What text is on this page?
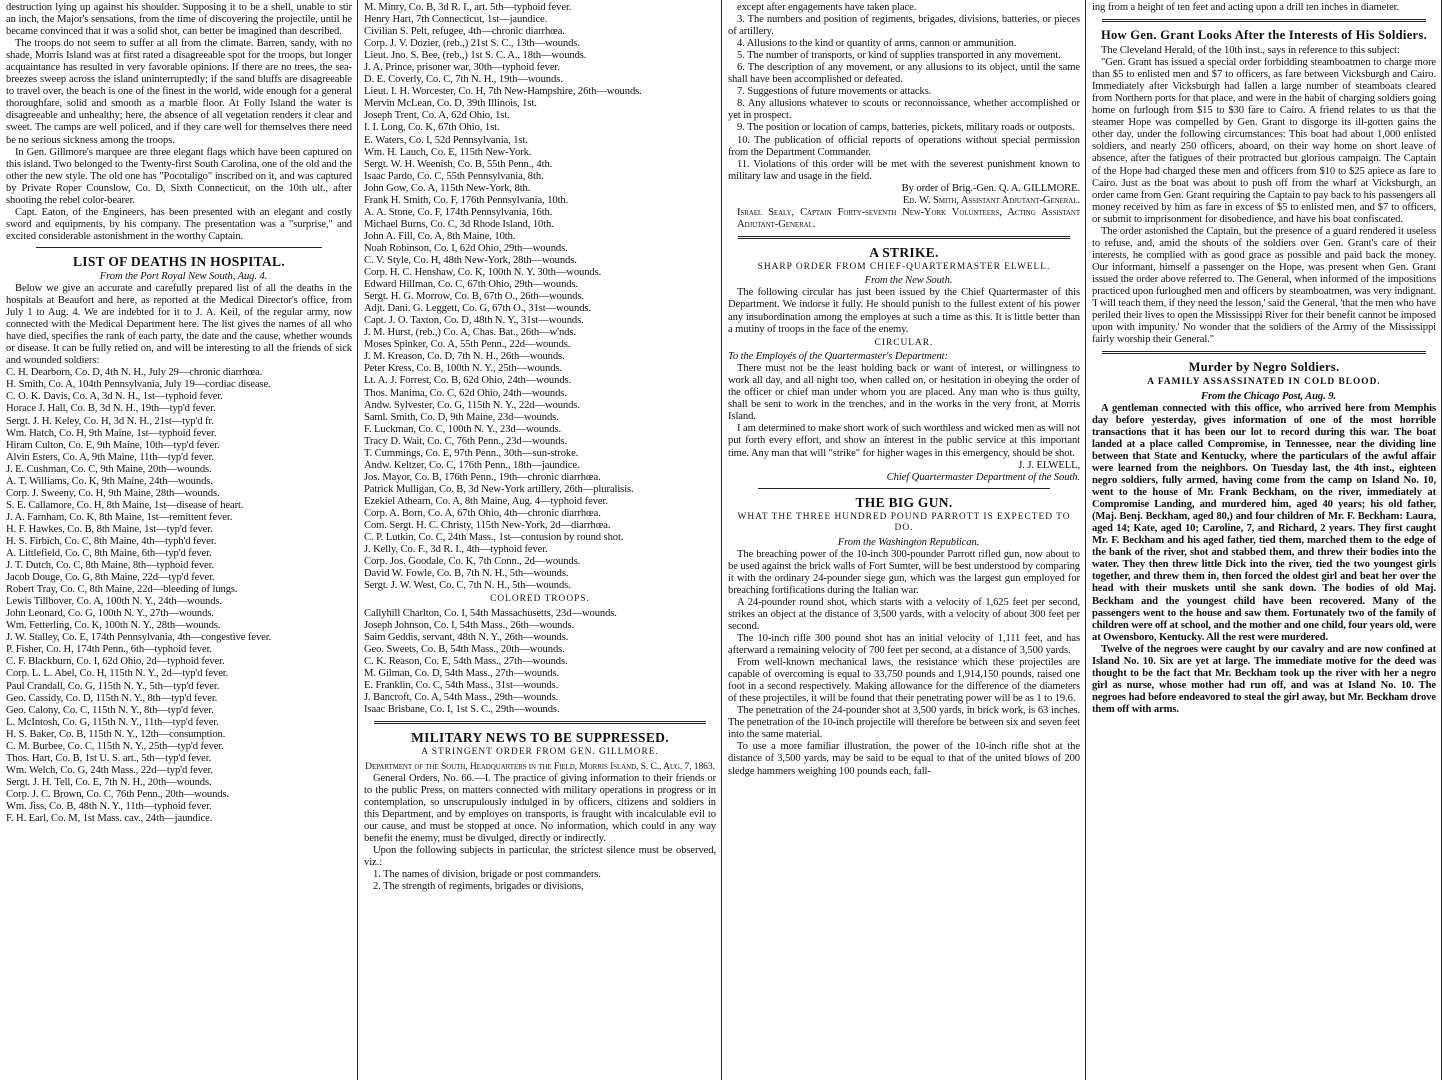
destruction lying up against his shoulder. Supposing it to be a shell, unable to stir an inch, the Major's sensations, from the time of discovering the projectile, until he became convinced that it was a solid shot, can better be imagined than described.

The troops do not seem to suffer at all from the climate. Barren, sandy, with no shade, Morris Island was at first rated a disagreeable spot for the troops, but longer acquaintance has resulted in very favorable opinions. If there are no trees, the sea-breezes sweep across the island uninterruptedly; if the sand bluffs are disagreeable to travel over, the beach is one of the finest in the world, wide enough for a general thoroughfare, solid and smooth as a marble floor. At Folly Island the water is disagreeable and unhealthy; here, the absence of all vegetation renders it clear and sweet. The camps are well policed, and if they care well for themselves there need be no serious sickness among the troops.

In Gen. Gillmore's marquee are three elegant flags which have been captured on this island. Two belonged to the Twenty-first South Carolina, one of the old and the other the new style. The old one has "Pocotaligo" inscribed on it, and was captured by Private Roper Counslow, Co. D, Sixth Connecticut, on the 10th ult., after shooting the rebel color-bearer.

Capt. Eaton, of the Engineers, has been presented with an elegant and costly sword and equipments, by his company. The presentation was a "surprise," and excited considerable astonishment in the worthy Captain.

LIST OF DEATHS IN HOSPITAL.

From the Port Royal New South, Aug. 4.

Below we give an accurate and carefully prepared list of all the deaths in the hospitals at Beaufort and here, as reported at the Medical Director's office, from July 1 to Aug. 4. We are indebted for it to J. A. Keil, of the regular army, now connected with the Medical Department here. The list gives the names of all who have died, specifies the rank of each party, the date and the cause, whether wounds or disease. It can be fully relied on, and will be interesting to all the friends of sick and wounded soldiers:

C. H. Dearborn, Co. D, 4th N. H., July 29—chronic diarrhœa.

H. Smith, Co. A, 104th Pennsylvania, July 19—cordiac disease.

C. O. K. Davis, Co. A, 3d N. H., 1st—typhoid fever.

Horace J. Hall, Co. B, 3d N. H., 19th—typ'd fever.

Sergt. J. H. Keley, Co. H, 3d N. H., 21st—typ'd fr.

Wm. Hatch, Co. H, 9th Maine, 1st—typhoid fever.

Hiram Culton, Co. E, 9th Maine, 10th—typ'd fever.

Alvin Esters, Co. A, 9th Maine, 11th—typ'd fever.

J. E. Cushman, Co. C, 9th Maine, 20th—wounds.

A. T. Williams, Co. K, 9th Maine, 24th—wounds.

Corp. J. Sweeny, Co. H, 9th Maine, 28th—wounds.

S. E. Callamore, Co. H, 8th Maine, 1st—disease of heart.

J. A. Farnham, Co. K, 8th Maine, 1st—remittent fever.

H. F. Hawkes, Co. B, 8th Maine, 1st—typ'd fever.

H. S. Firbich, Co. C, 8th Maine, 4th—typh'd fever.

A. Littlefield, Co. C, 8th Maine, 6th—typ'd fever.

J. T. Dutch, Co. C, 8th Maine, 8th—typhoid fever.

Jacob Douge, Co. G, 8th Maine, 22d—typ'd fever.

Robert Tray, Co. C, 8th Maine, 22d—bleeding of lungs.

Lewis Tillbover, Co. A, 100th N. Y., 24th—wounds.

John Leonard, Co. G, 100th N. Y., 27th—wounds.

Wm. Fetterling, Co. K, 100th N. Y., 28th—wounds.

J. W. Stalley, Co. E, 174th Pennsylvania, 4th—congestive fever.

P. Fisher, Co. H, 174th Penn., 6th—typhoid fever.

C. F. Blackburn, Co. I, 62d Ohio, 2d—typhoid fever.

Corp. L. L. Abel, Co. H, 115th N. Y., 2d—typ'd fever.

Paul Crandall, Co. G, 115th N. Y., 5th—typ'd fever.

Geo. Cassidy, Co. D, 115th N. Y., 8th—typ'd fever.

Geo. Calony, Co. C, 115th N. Y., 8th—typ'd fever.

L. McIntosh, Co. G, 115th N. Y., 11th—typ'd fever.

H. S. Baker, Co. B, 115th N. Y., 12th—consumption.

C. M. Burbee, Co. C, 115th N. Y., 25th—typ'd fever.

Thos. Hart, Co. B, 1st U. S. art., 5th—typ'd fever.

Wm. Welch, Co. G, 24th Mass., 22d—typ'd fever.

Sergt. J. H. Tell, Co. E, 7th N. H., 20th—wounds.

Corp. J. C. Brown, Co. C, 76th Penn., 20th—wounds.

Wm. Jiss, Co. B, 48th N. Y., 11th—typhoid fever.

F. H. Earl, Co. M, 1st Mass. cav., 24th—jaundice.

M. Minry, Co. B, 3d R. I., art. 5th—typhoid fever.

Henry Hart, 7th Connecticut, 1st—jaundice.

Civilian S. Pelt, refugee, 4th—chronic diarrhœa.

Corp. J. V. Dozier, (reb.,) 21st S. C., 13th—wounds.

Lieut. Jno. S. Bee, (reb.,) 1st S. C. A., 18th—wounds.

J. A. Prince, prisoner war, 30th—typhoid fever.

D. E. Coverly, Co. C, 7th N. H., 19th—wounds.

Lieut. I. H. Worcester, Co. H, 7th New-Hampshire, 26th—wounds.

Mervin McLean, Co. D, 39th Illinois, 1st.

Joseph Trent, Co. A, 62d Ohio, 1st.

I. I. Long, Co. K, 67th Ohio, 1st.

E. Waters, Co. I, 52d Pennsylvania, 1st.

Wm. H. Lauch, Co. E, 115th New-York.

Sergt. W. H. Weenish, Co. B, 55th Penn., 4th.

Isaac Pardo, Co. C, 55th Pennsylvania, 8th.

John Gow, Co. A, 115th New-York, 8th.

Frank H. Smith, Co. F, 176th Pennsylvania, 10th.

A. A. Stone, Co. F, 174th Pennsylvania, 16th.

Michael Burns, Co. C, 3d Rhode Island, 10th.

John A. Fill, Co. A, 8th Maine, 10th.

Noah Robinson, Co. I, 62d Ohio, 29th—wounds.

C. V. Style, Co. H, 48th New-York, 28th—wounds.

Corp. H. C. Henshaw, Co. K, 100th N. Y. 30th—wounds.

Edward Hillman, Co. C, 67th Ohio, 29th—wounds.

Sergt. H. G. Morrow, Co. B, 67th O., 26th—wounds.

Adjt. Dani. G. Leggett, Co. G, 67th O., 31st—wounds.

Capt. J. O. Taxton, Co. D, 48th N. Y., 31st—wounds.

J. M. Hurst, (reb.,) Co. A, Chas. Bat., 26th—w'nds.

Moses Spinker, Co. A, 55th Penn., 22d—wounds.

J. M. Kreason, Co. D, 7th N. H., 26th—wounds.

Peter Kress, Co. B, 100th N. Y., 25th—wounds.

Lt. A. J. Forrest, Co. B, 62d Ohio, 24th—wounds.

Thos. Manima, Co. C, 62d Ohio, 24th—wounds.

Andw. Sylvester, Co. G, 115th N. Y., 22d—wounds.

Saml. Smith, Co. D, 9th Maine, 23d—wounds.

F. Luckman, Co. C, 100th N. Y., 23d—wounds.

Tracy D. Wait, Co. C, 76th Penn., 23d—wounds.

T. Cummings, Co. E, 97th Penn., 30th—sun-stroke.

Andw. Keltzer, Co. C, 176th Penn., 18th—jaundice.

Jos. Mayor, Co. B, 176th Penn., 19th—chronic diarrhœa.

Patrick Mulligan, Co. B, 3d New-York artillery, 26th—pluralisis.

Ezekiel Athearn, Co. A, 8th Maine, Aug. 4—typhoid fever.

Corp. A. Born, Co. A, 67th Ohio, 4th—chronic diarrhœa.

Com. Sergt. H. C. Christy, 115th New-York, 2d—diarrhœa.

C. P. Lutkin, Co. C, 24th Mass., 1st—contusion by round shot.

J. Kelly, Co. F., 3d R. I., 4th—typhoid fever.

Corp. Jos. Goodale, Co. K, 7th Conn., 2d—wounds.

David W. Fowle, Co. B, 7th N. H., 5th—wounds.

Sergt. J. W. West, Co. C, 7th N. H., 5th—wounds.

COLORED TROOPS.

Callyhill Charlton, Co. I, 54th Massachusetts, 23d—wounds.

Joseph Johnson, Co. I, 54th Mass., 26th—wounds.

Saim Geddis, servant, 48th N. Y., 26th—wounds.

Geo. Sweets, Co. B, 54th Mass., 20th—wounds.

C. K. Reason, Co. E, 54th Mass., 27th—wounds.

M. Gilman, Co. D, 54th Mass., 27th—wounds.

E. Franklin, Co. C, 54th Mass., 31st—wounds.

J. Bancroft, Co. A, 54th Mass., 29th—wounds.

Isaac Brisbane, Co. I, 1st S. C., 29th—wounds.

MILITARY NEWS TO BE SUPPRESSED.
A STRINGENT ORDER FROM GEN. GILLMORE.

Department of the South, Headquarters in the Field, Morris Island, S. C., Aug. 7, 1863.

General Orders, No. 66.—I. The practice of giving information to their friends or to the public Press, on matters connected with military operations in progress or in contemplation, so unscrupulously indulged in by officers, citizens and soldiers in this Department, and by employes on transports, is fraught with incalculable evil to our cause, and must be stopped at once. No information, which could in any way benefit the enemy, must be divulged, directly or indirectly.

Upon the following subjects in particular, the strictest silence must be observed, viz.:

1. The names of division, brigade or post commanders.

2. The strength of regiments, brigades or divisions,

except after engagements have taken place.

3. The numbers and position of regiments, brigades, divisions, batteries, or pieces of artillery.

4. Allusions to the kind or quantity of arms, cannon or ammunition.

5. The number of transports, or kind of supplies transported in any movement.

6. The description of any movement, or any allusions to its object, until the same shall have been accomplished or defeated.

7. Suggestions of future movements or attacks.

8. Any allusions whatever to scouts or reconnoissance, whether accomplished or yet in prospect.

9. The position or location of camps, batteries, pickets, military roads or outposts.

10. The publication of official reports of operations without special permission from the Department Commander.

11. Violations of this order will be met with the severest punishment known to military law and usage in the field.

By order of Brig.-Gen. Q. A. GILLMORE.

Ed. W. Smith, Assistant Adjutant-General.

Israel Sealy, Captain Forty-seventh New-York Volunteers, Acting Assistant Adjutant-General.

A STRIKE.
SHARP ORDER FROM CHIEF-QUARTERMASTER ELWELL.

From the New South.

The following circular has just been issued by the Chief Quartermaster of this Department. We indorse it fully. He should punish to the fullest extent of his power any insubordination among the employes at such a time as this. It is little better than a mutiny of troops in the face of the enemy.

CIRCULAR.

To the Employés of the Quartermaster's Department:

There must not be the least holding back or want of interest, or willingness to work all day, and all night too, when called on, or hesitation in obeying the order of the officer or chief man under whom you are placed. Any man who is thus guilty, shall be sent to work in the trenches, and in the works in the very front, at Morris Island.

I am determined to make short work of such worthless and wicked men as will not put forth every effort, and show an interest in the public service at this important time. Any man that will "strike" for higher wages in this emergency, should be shot.

J. J. ELWELL,

Chief Quartermaster Department of the South.

THE BIG GUN.
WHAT THE THREE HUNDRED POUND PARROTT IS EXPECTED TO DO.

From the Washington Republican.

The breaching power of the 10-inch 300-pounder Parrott rifled gun, now about to be used against the brick walls of Fort Sumter, will be best understood by comparing it with the ordinary 24-pounder siege gun, which was the largest gun employed for breaching fortifications during the Italian war.

A 24-pounder round shot, which starts with a velocity of 1,625 feet per second, strikes an object at the distance of 3,500 yards, with a velocity of about 300 feet per second.

The 10-inch rifle 300 pound shot has an initial velocity of 1,111 feet, and has afterward a remaining velocity of 700 feet per second, at a distance of 3,500 yards.

From well-known mechanical laws, the resistance which these projectiles are capable of overcoming is equal to 33,750 pounds and 1,914,150 pounds, raised one foot in a second respectively. Making allowance for the difference of the diameters of these projectiles, it will be found that their penetrating power will be as 1 to 19.6.

The penetration of the 24-pounder shot at 3,500 yards, in brick work, is 63 inches. The penetration of the 10-inch projectile will therefore be between six and seven feet into the same material.

To use a more familiar illustration, the power of the 10-inch rifle shot at the distance of 3,500 yards, may be said to be equal to that of the united blows of 200 sledge hammers weighing 100 pounds each, fall-

ing from a height of ten feet and acting upon a drill ten inches in diameter.

How Gen. Grant Looks After the Interests of His Soldiers.

The Cleveland Herald, of the 10th inst., says in reference to this subject:

"Gen. Grant has issued a special order forbidding steamboatmen to charge more than $5 to enlisted men and $7 to officers, as fare between Vicksburgh and Cairo. Immediately after Vicksburgh had fallen a large number of steamboats cleared from Northern ports for that place, and were in the habit of charging soldiers going home on furlough from $15 to $30 fare to Cairo. A friend relates to us that the steamer Hope was compelled by Gen. Grant to disgorge its ill-gotten gains the other day, under the following circumstances: This boat had about 1,000 enlisted soldiers, and nearly 250 officers, aboard, on their way home on short leave of absence, after the fatigues of their protracted but glorious campaign. The Captain of the Hope had charged these men and officers from $10 to $25 apiece as fare to Cairo. Just as the boat was about to push off from the wharf at Vicksburgh, an order came from Gen. Grant requiring the Captain to pay back to his passengers all money received by him as fare in excess of $5 to enlisted men, and $7 to officers, or submit to imprisonment for disobedience, and have his boat confiscated.

The order astonished the Captain, but the presence of a guard rendered it useless to refuse, and, amid the shouts of the soldiers over Gen. Grant's care of their interests, he complied with as good grace as possible and paid back the money. Our informant, himself a passenger on the Hope, was present when Gen. Grant issued the order above referred to. The General, when informed of the impositions practiced upon furloughed men and officers by steamboatmen, was very indignant. 'I will teach them, if they need the lesson,' said the General, 'that the men who have periled their lives to open the Mississippi River for their benefit cannot be imposed upon with impunity.' No wonder that the soldiers of the Army of the Mississippi fairly worship their General."

Murder by Negro Soldiers.
A FAMILY ASSASSINATED IN COLD BLOOD.

From the Chicago Post, Aug. 9.

A gentleman connected with this office, who arrived here from Memphis day before yesterday, gives information of one of the most horrible transactions that it has been our lot to record during this war. The boat landed at a place called Compromise, in Tennessee, near the dividing line between that State and Kentucky, where the particulars of the awful affair were learned from the neighbors. On Tuesday last, the 4th inst., eighteen negro soldiers, fully armed, having come from the camp on Island No. 10, went to the house of Mr. Frank Beckham, on the river, immediately at Compromise Landing, and murdered him, aged 40 years; his old father, (Maj. Benj. Beckham, aged 80,) and four children of Mr. F. Beckham: Laura, aged 14; Kate, aged 10; Caroline, 7, and Richard, 2 years. They first caught Mr. F. Beckham and his aged father, tied them, marched them to the edge of the bank of the river, shot and stabbed them, and threw their bodies into the water. They then threw little Dick into the river, tied the two youngest girls together, and threw them in, then forced the oldest girl and beat her over the head with their muskets until she sank down. The bodies of old Maj. Beckham and the youngest child have been recovered. Many of the passengers went to the house and saw them. Fortunately two of the family of children were off at school, and the mother and one child, four years old, were at Owensboro, Kentucky. All the rest were murdered.

Twelve of the negroes were caught by our cavalry and are now confined at Island No. 10. Six are yet at large. The immediate motive for the deed was thought to be the fact that Mr. Beckham took up the river with her a negro girl as nurse, whose mother had run off, and was at Island No. 10. The negroes had before endeavored to steal the girl away, but Mr. Beckham drove them off with arms.
